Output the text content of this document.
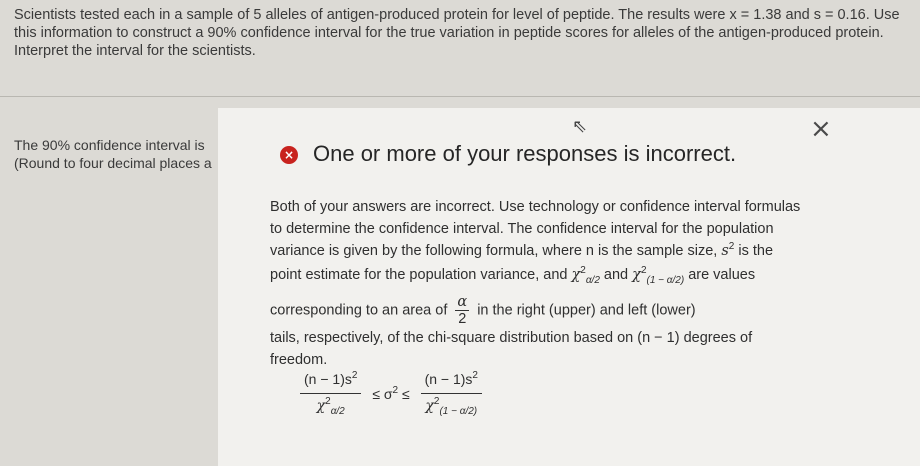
Scientists tested each in a sample of 5 alleles of antigen-produced protein for level of peptide. The results were x = 1.38 and s = 0.16. Use
this information to construct a 90% confidence interval for the true variation in peptide scores for alleles of the antigen-produced protein.
Interpret the interval for the scientists.
The 90% confidence interval is
(Round to four decimal places a
×
⇖
× One or more of your responses is incorrect.
Both of your answers are incorrect. Use technology or confidence interval formulas
to determine the confidence interval. The confidence interval for the population
variance is given by the following formula, where n is the sample size, $s^2$ is the
point estimate for the population variance, and $\chi^2_{\alpha/2}$ and $\chi^2_{(1 - \alpha/2)}$ are values
corresponding to an area of $\frac{\alpha}{2}$ in the right (upper) and left (lower)
tails, respectively, of the chi-square distribution based on (n − 1) degrees of
freedom.
$\frac{(n - 1)s^2}{\chi^2_{\alpha/2}} \le \sigma^2 \le \frac{(n - 1)s^2}{\chi^2_{(1 - \alpha/2)}}$
